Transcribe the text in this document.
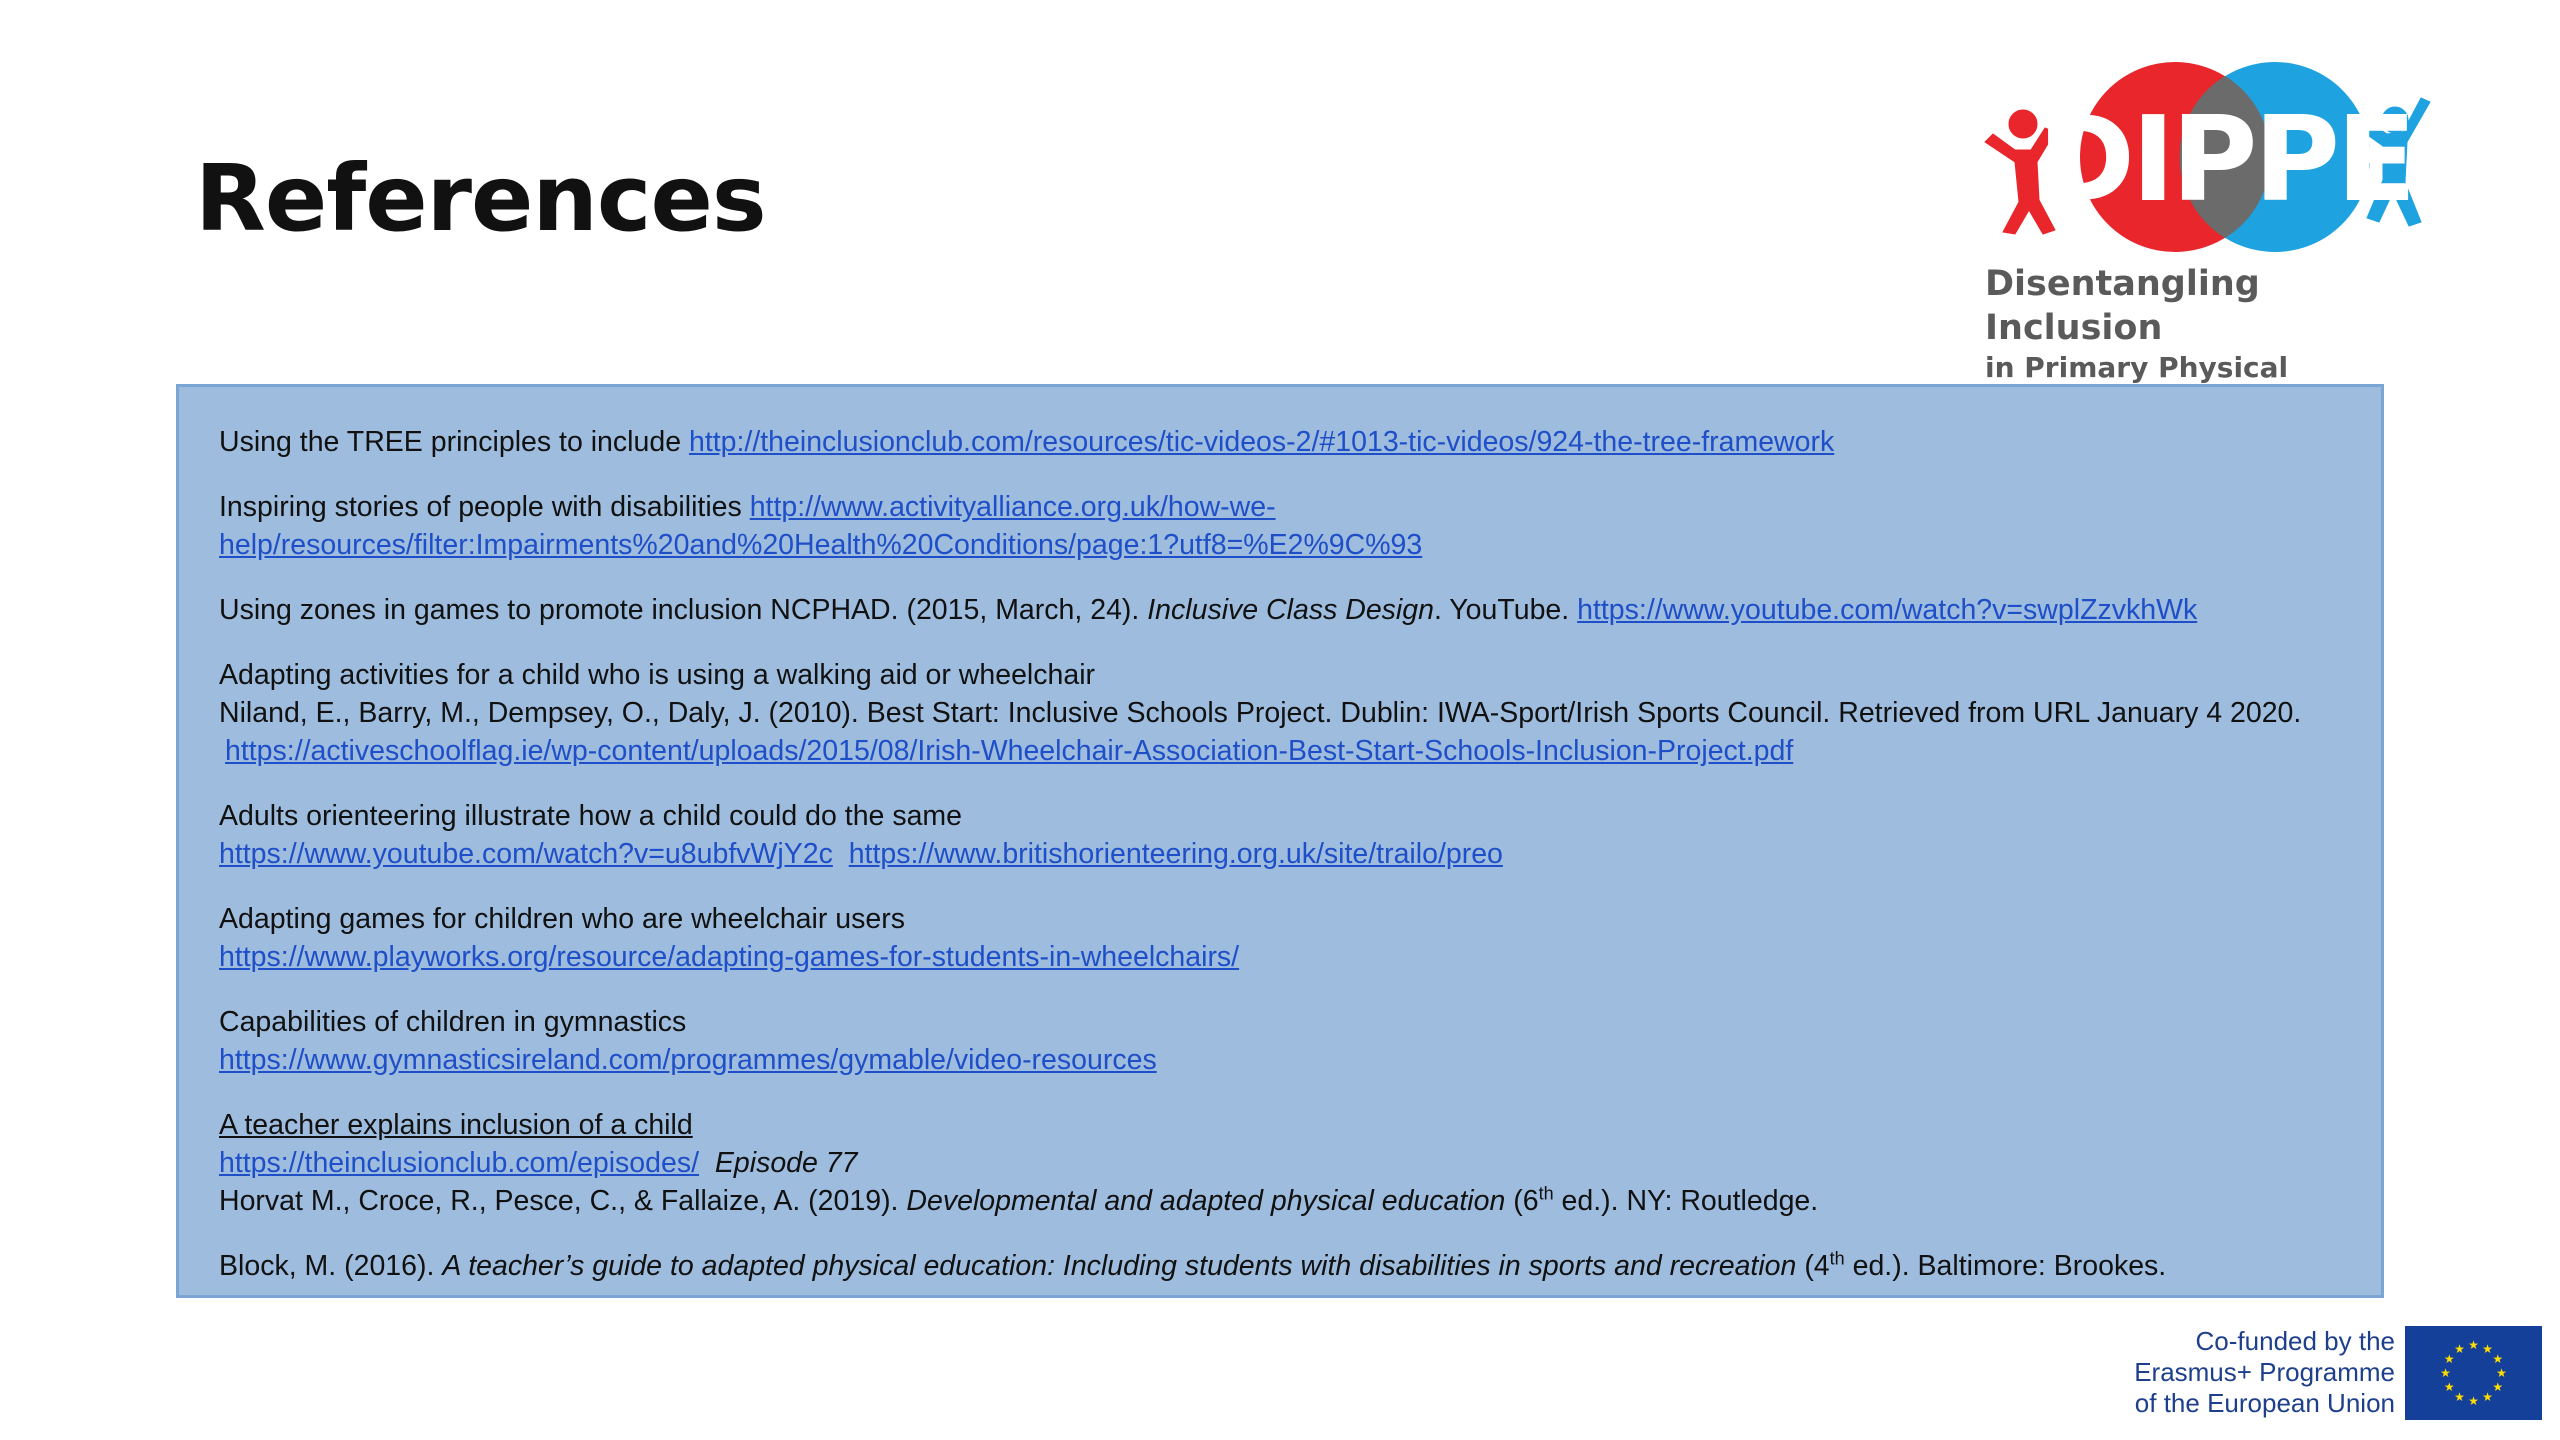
References	DIPPE
Disentangling Inclusion
in Primary Physical

Using the TREE principles to include http://theinclusionclub.com/resources/tic-videos-2/#1013-tic-videos/924-the-tree-framework

Inspiring stories of people with disabilities http://www.activityalliance.org.uk/how-we-

help/resources/filter:Impairments%20and%20Health%20Conditions/page:1?utf8=%E2%9C%93

Using zones in games to promote inclusion NCPHAD. (2015, March, 24). Inclusive Class Design. YouTube. https://www.youtube.com/watch?v=swplZzvkhWk

Adapting activities for a child who is using a walking aid or wheelchair

Niland, E., Barry, M., Dempsey, O., Daly, J. (2010). Best Start: Inclusive Schools Project. Dublin: IWA-Sport/Irish Sports Council. Retrieved from URL January 4 2020.

https://activeschoolflag.ie/wp-content/uploads/2015/08/Irish-Wheelchair-Association-Best-Start-Schools-Inclusion-Project.pdf

Adults orienteering illustrate how a child could do the same

https://www.youtube.com/watch?v=u8ubfvWjY2c https://www.britishorienteering.org.uk/site/trailo/preo

Adapting games for children who are wheelchair users

https://www.playworks.org/resource/adapting-games-for-students-in-wheelchairs/

Capabilities of children in gymnastics

https://www.gymnasticsireland.com/programmes/gymable/video-resources

A teacher explains inclusion of a child

https://theinclusionclub.com/episodes/ Episode 77

Horvat M., Croce, R., Pesce, C., & Fallaize, A. (2019). Developmental and adapted physical education (6th ed.). NY: Routledge.

Block, M. (2016). A teacher’s guide to adapted physical education: Including students with disabilities in sports and recreation (4th ed.). Baltimore: Brookes.

Co-funded by the
Erasmus+ Programme
of the European Union
★ ★
★
★
★
★
★
★
★
★
★
★
